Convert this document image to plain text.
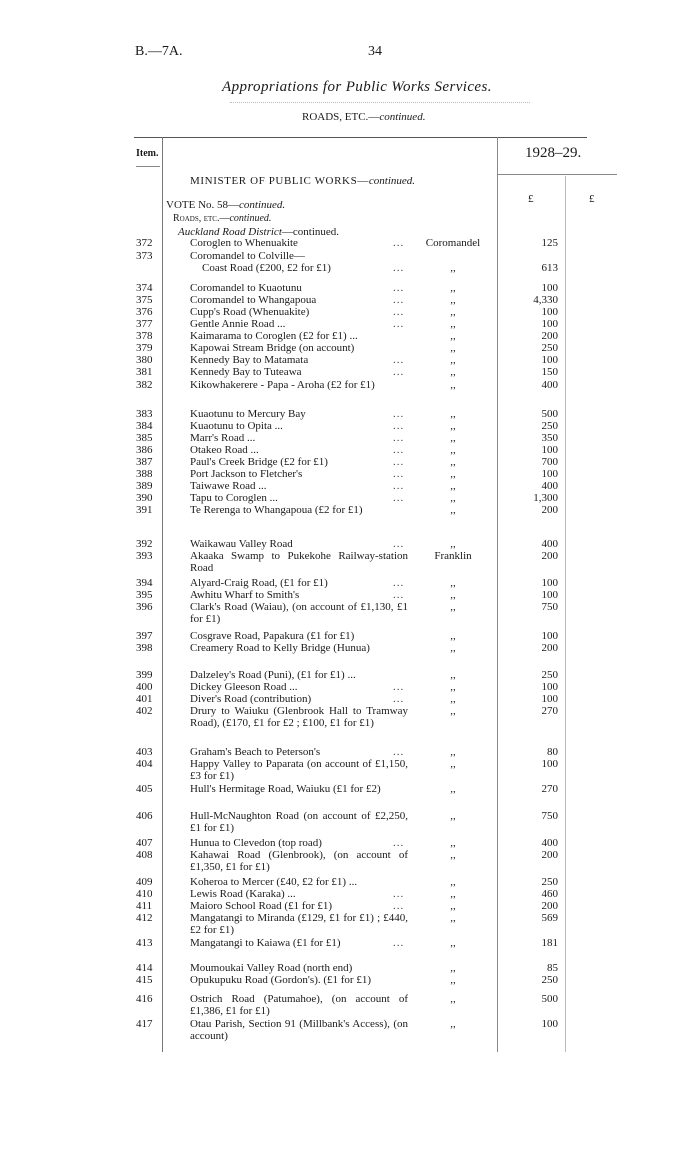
B.—7A.	34
Appropriations for Public Works Services.
ROADS, ETC.—continued.
Item.	1928–29.
£	£
MINISTER OF PUBLIC WORKS—continued.
VOTE No. 58—continued.
Roads, etc.—continued.
Auckland Road District—continued.
372	Coroglen to Whenuakite	...	Coromandel	125
373	Coromandel to Colville—
Coast Road (£200, £2 for £1)	...	,,	613
374	Coromandel to Kuaotunu	...	,,	100
375	Coromandel to Whangapoua	...	,,	4,330
376	Cupp's Road (Whenuakite)	...	,,	100
377	Gentle Annie Road ...	...	,,	100
378	Kaimarama to Coroglen (£2 for £1) ...	,,	200
379	Kapowai Stream Bridge (on account)	,,	250
380	Kennedy Bay to Matamata	...	,,	100
381	Kennedy Bay to Tuteawa	...	,,	150
382	Kikowhakerere - Papa - Aroha (£2 for £1)	,,	400
383	Kuaotunu to Mercury Bay	...	,,	500
384	Kuaotunu to Opita ...	...	,,	250
385	Marr's Road ...	...	,,	350
386	Otakeo Road ...	...	,,	100
387	Paul's Creek Bridge (£2 for £1)	...	,,	700
388	Port Jackson to Fletcher's	...	,,	100
389	Taiwawe Road ...	...	,,	400
390	Tapu to Coroglen ...	...	,,	1,300
391	Te Rerenga to Whangapoua (£2 for £1)	,,	200
392	Waikawau Valley Road	...	,,	400
393	Akaaka Swamp to Pukekohe Railway-station Road
Franklin	200
394	Alyard-Craig Road, (£1 for £1)	...	,,	100
395	Awhitu Wharf to Smith's	...	,,	100
396	Clark's Road (Waiau), (on account of £1,130, £1 for £1)
,,	750
397	Cosgrave Road, Papakura (£1 for £1)	,,	100
398	Creamery Road to Kelly Bridge (Hunua)	,,	200
399	Dalzeley's Road (Puni), (£1 for £1) ...	,,	250
400	Dickey Gleeson Road ...	...	,,	100
401	Diver's Road (contribution)	...	,,	100
402	Drury to Waiuku (Glenbrook Hall to Tramway Road), (£170, £1 for £2 ; £100, £1 for £1)
,,	270
403	Graham's Beach to Peterson's	...	,,	80
404	Happy Valley to Paparata (on account of £1,150, £3 for £1)
,,	100
405	Hull's Hermitage Road, Waiuku (£1 for £2)	,,	270
406	Hull-McNaughton Road (on account of £2,250, £1 for £1)
,,	750
407	Hunua to Clevedon (top road)	...	,,	400
408	Kahawai Road (Glenbrook), (on account of £1,350, £1 for £1)
,,	200
409	Koheroa to Mercer (£40, £2 for £1) ...	,,	250
410	Lewis Road (Karaka) ...	...	,,	460
411	Maioro School Road (£1 for £1)	...	,,	200
412	Mangatangi to Miranda (£129, £1 for £1) ; £440, £2 for £1)
,,	569
413	Mangatangi to Kaiawa (£1 for £1)	...	,,	181
414	Moumoukai Valley Road (north end)	,,	85
415	Opukupuku Road (Gordon's). (£1 for £1)	,,	250
416	Ostrich Road (Patumahoe), (on account of £1,386, £1 for £1)
,,	500
417	Otau Parish, Section 91 (Millbank's Access), (on account)
,,	100
